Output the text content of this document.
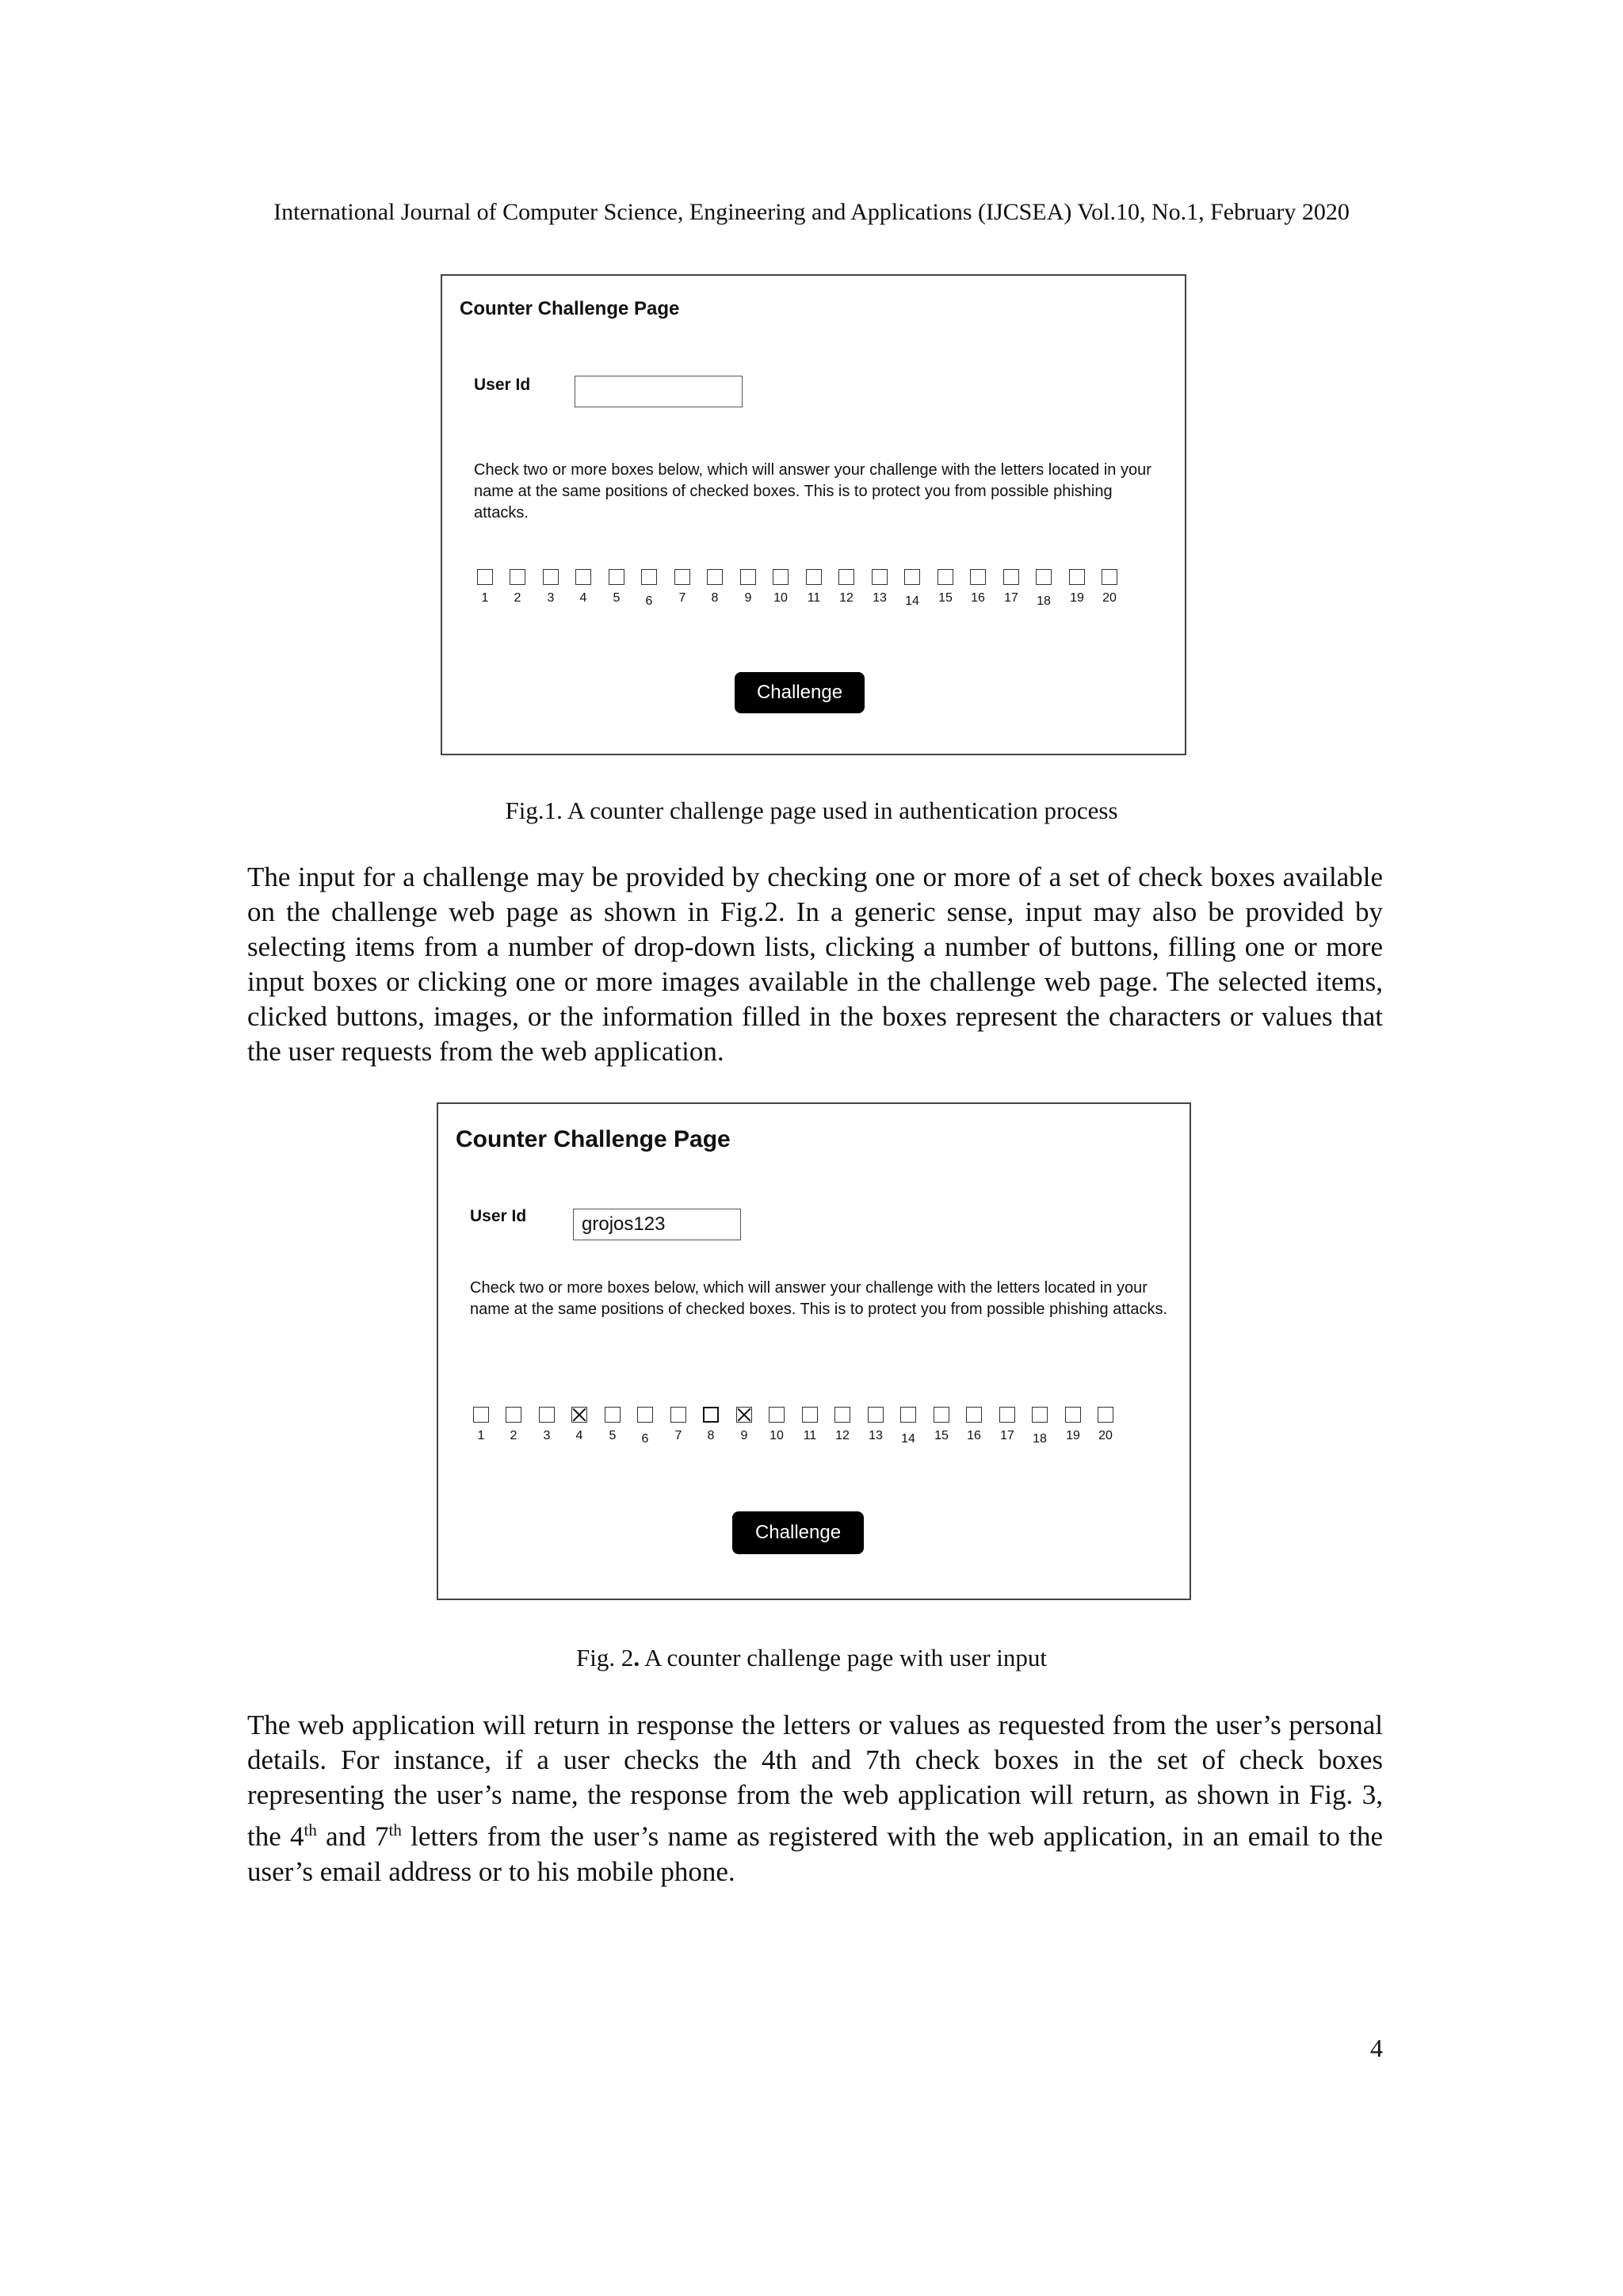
International Journal of Computer Science, Engineering and Applications (IJCSEA) Vol.10, No.1, February 2020
Counter Challenge Page
User Id
Check two or more boxes below, which will answer your challenge with the letters located in your name at the same positions of checked boxes. This is to protect you from possible phishing attacks.
1	2	3	4	5	6	7	8	9	10	11	12	13	14	15	16	17	18	19	20
Challenge
Fig.1. A counter challenge page used in authentication process

The input for a challenge may be provided by checking one or more of a set of check boxes available on the challenge web page as shown in Fig.2. In a generic sense, input may also be provided by selecting items from a number of drop-down lists, clicking a number of buttons, filling one or more input boxes or clicking one or more images available in the challenge web page. The selected items, clicked buttons, images, or the information filled in the boxes represent the characters or values that the user requests from the web application.

Counter Challenge Page
User Id	grojos123
Check two or more boxes below, which will answer your challenge with the letters located in your name at the same positions of checked boxes. This is to protect you from possible phishing attacks.
1	2	3	4	5	6	7	8	9	10	11	12	13	14	15	16	17	18	19	20
Challenge
Fig. 2. A counter challenge page with user input

The web application will return in response the letters or values as requested from the user’s personal details. For instance, if a user checks the 4th and 7th check boxes in the set of check boxes representing the user’s name, the response from the web application will return, as shown in Fig. 3, the 4th and 7th letters from the user’s name as registered with the web application, in an email to the user’s email address or to his mobile phone.

4
